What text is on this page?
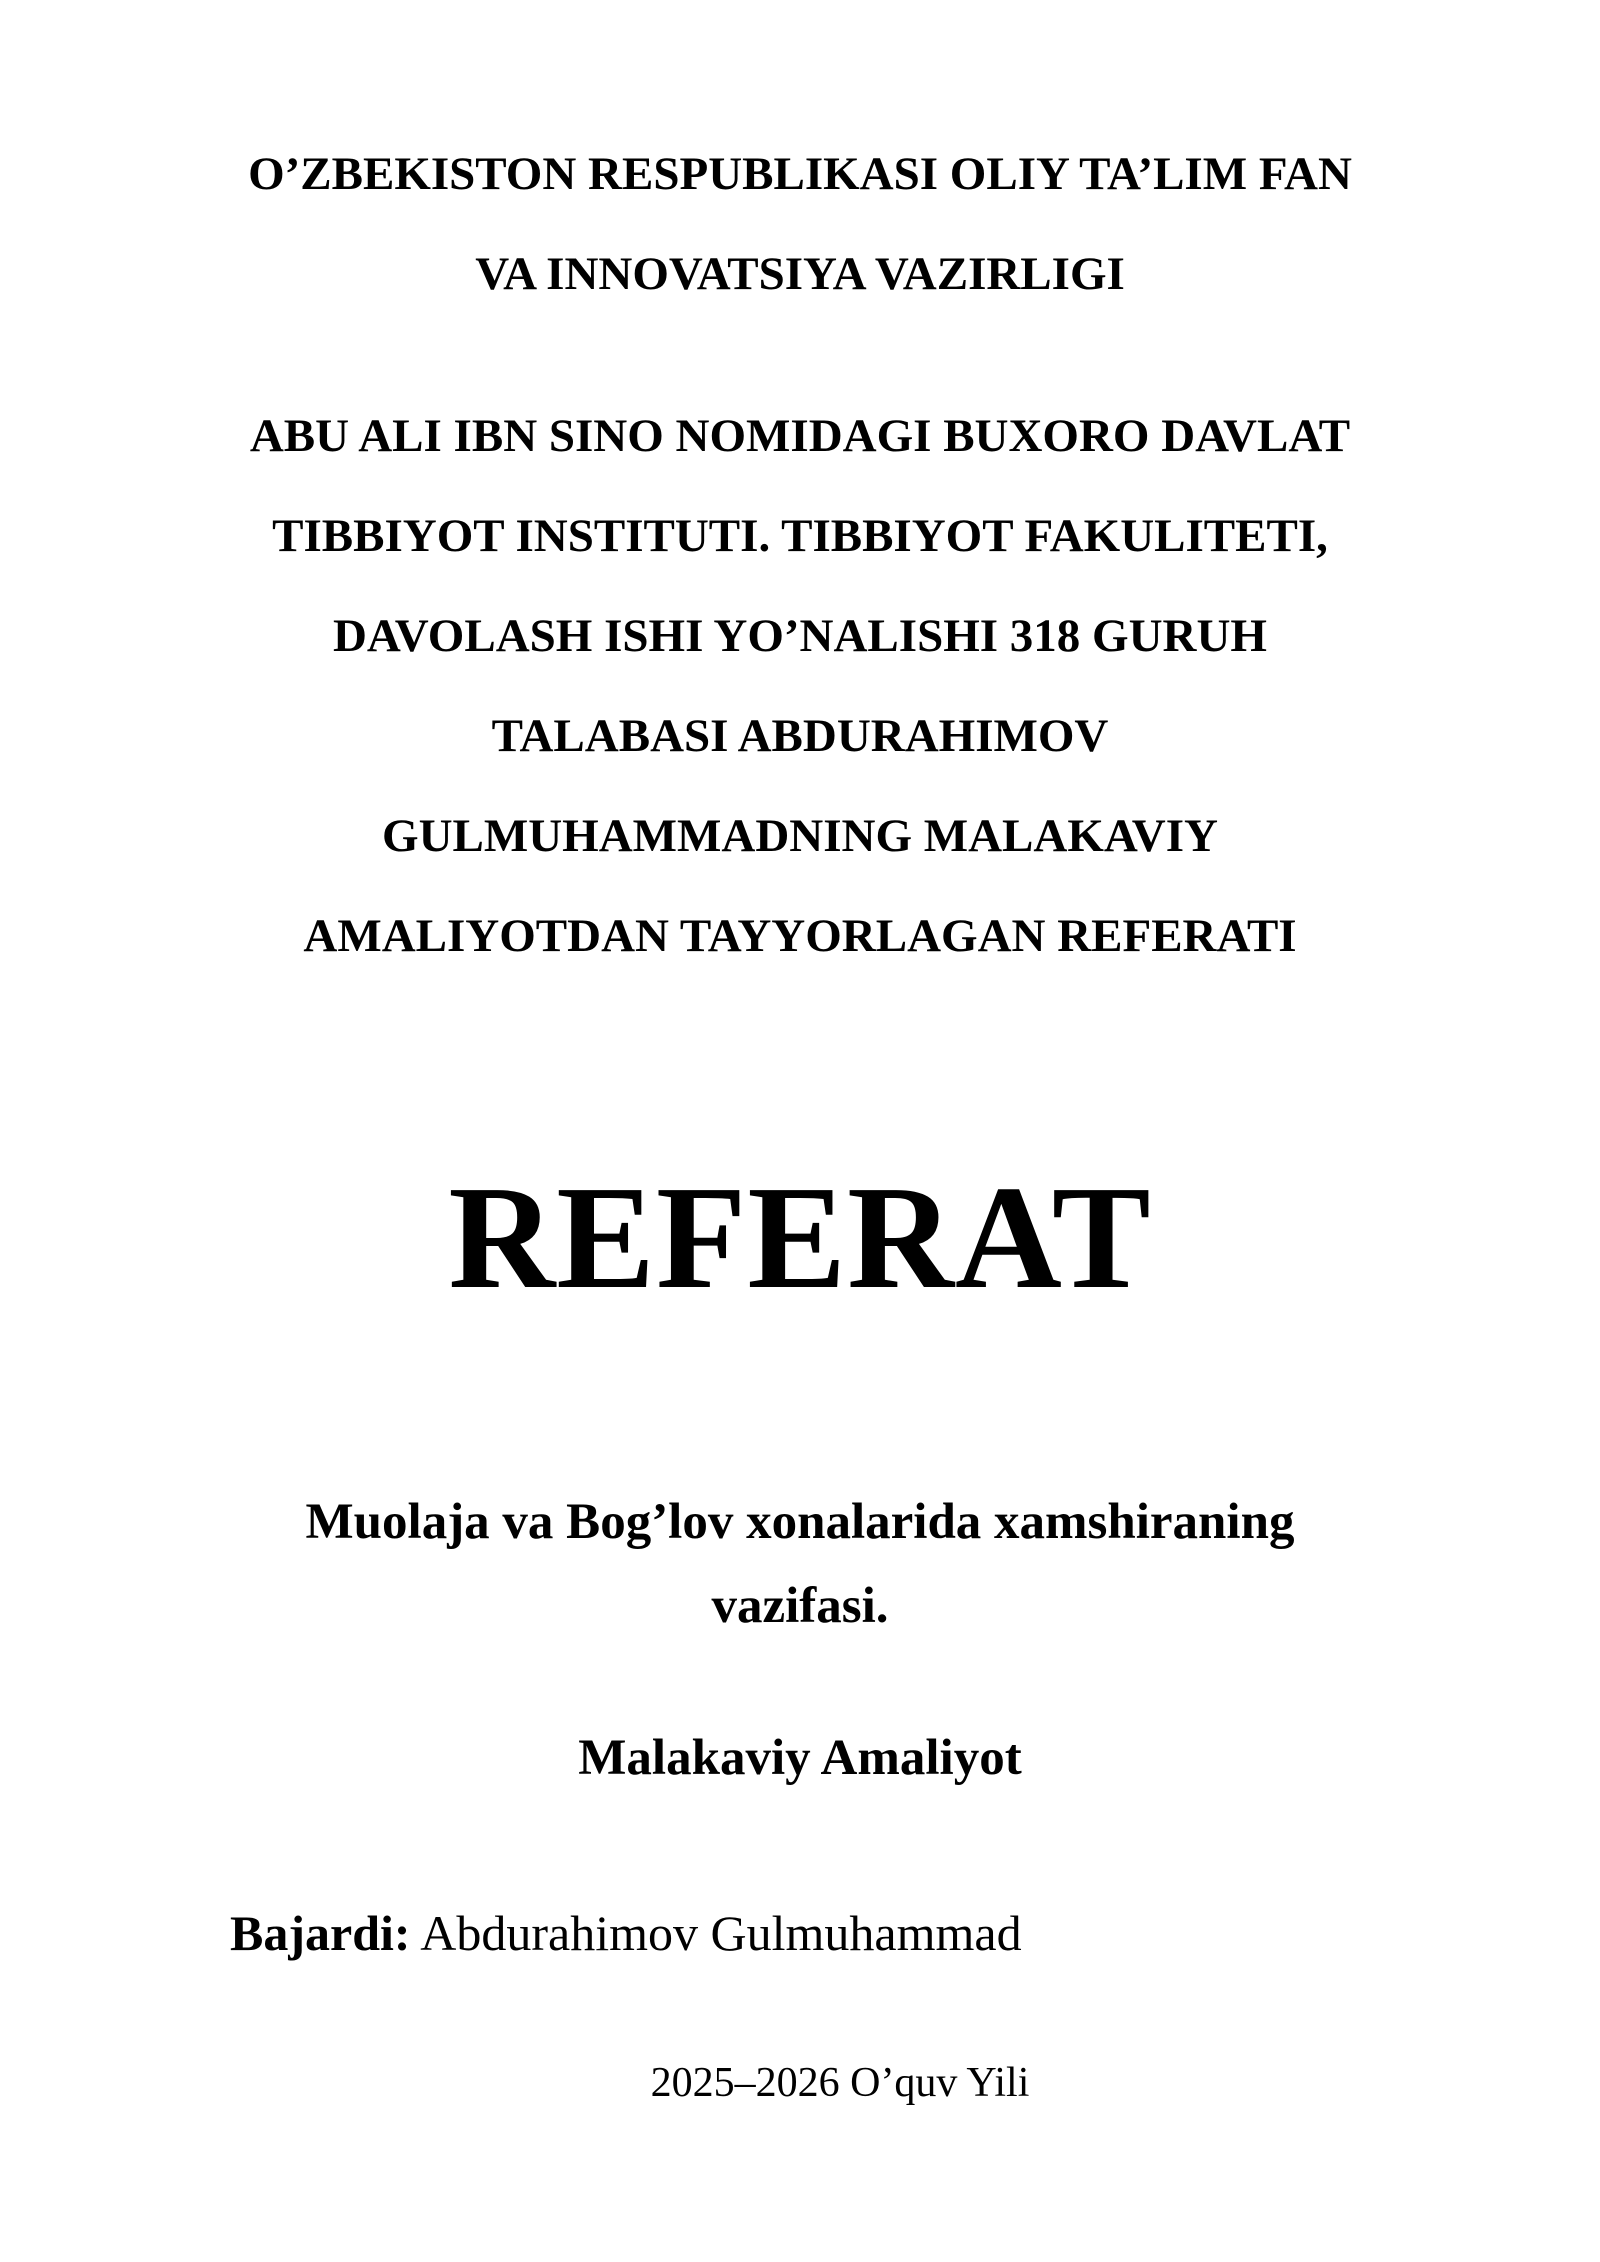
O’ZBEKISTON RESPUBLIKASI OLIY TA’LIM FAN
VA INNOVATSIYA VAZIRLIGI
ABU ALI IBN SINO NOMIDAGI BUXORO DAVLAT
TIBBIYOT INSTITUTI. TIBBIYOT FAKULITETI,
DAVOLASH ISHI YO’NALISHI 318 GURUH
TALABASI ABDURAHIMOV
GULMUHAMMADNING MALAKAVIY
AMALIYOTDAN TAYYORLAGAN REFERATI
REFERAT
Muolaja va Bog’lov xonalarida xamshiraning
vazifasi.
Malakaviy Amaliyot
Bajardi: Abdurahimov Gulmuhammad
2025–2026 O’quv Yili
